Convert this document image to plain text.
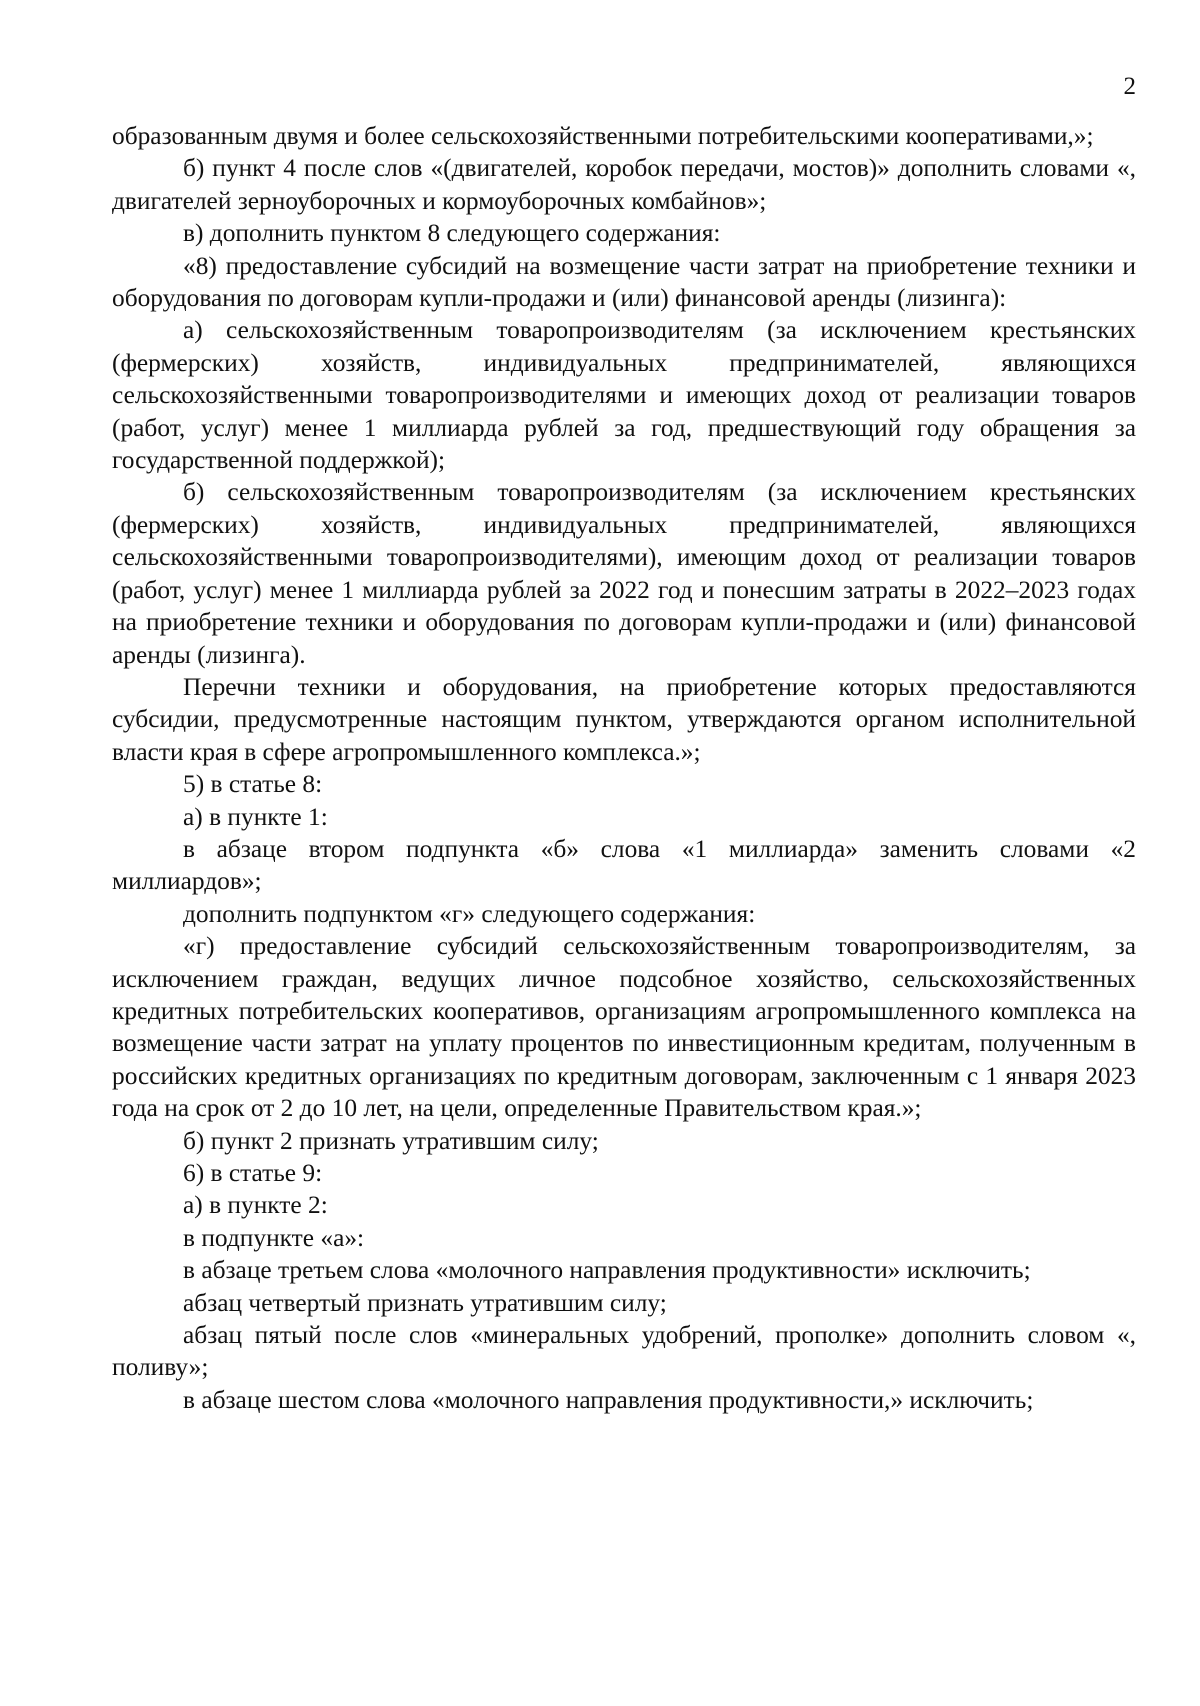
2

образованным двумя и более сельскохозяйственными потребительскими кооперативами,»;

б) пункт 4 после слов «(двигателей, коробок передачи, мостов)» дополнить словами «, двигателей зерноуборочных и кормоуборочных комбайнов»;

в) дополнить пунктом 8 следующего содержания:

«8) предоставление субсидий на возмещение части затрат на приобретение техники и оборудования по договорам купли-продажи и (или) финансовой аренды (лизинга):

а) сельскохозяйственным товаропроизводителям (за исключением крестьянских (фермерских) хозяйств, индивидуальных предпринимателей, являющихся сельскохозяйственными товаропроизводителями и имеющих доход от реализации товаров (работ, услуг) менее 1 миллиарда рублей за год, предшествующий году обращения за государственной поддержкой);

б) сельскохозяйственным товаропроизводителям (за исключением крестьянских (фермерских) хозяйств, индивидуальных предпринимателей, являющихся сельскохозяйственными товаропроизводителями), имеющим доход от реализации товаров (работ, услуг) менее 1 миллиарда рублей за 2022 год и понесшим затраты в 2022–2023 годах на приобретение техники и оборудования по договорам купли-продажи и (или) финансовой аренды (лизинга).

Перечни техники и оборудования, на приобретение которых предоставляются субсидии, предусмотренные настоящим пунктом, утверждаются органом исполнительной власти края в сфере агропромышленного комплекса.»;

5) в статье 8:

а) в пункте 1:

в абзаце втором подпункта «б» слова «1 миллиарда» заменить словами «2 миллиардов»;

дополнить подпунктом «г» следующего содержания:

«г) предоставление субсидий сельскохозяйственным товаропроизводителям, за исключением граждан, ведущих личное подсобное хозяйство, сельскохозяйственных кредитных потребительских кооперативов, организациям агропромышленного комплекса на возмещение части затрат на уплату процентов по инвестиционным кредитам, полученным в российских кредитных организациях по кредитным договорам, заключенным с 1 января 2023 года на срок от 2 до 10 лет, на цели, определенные Правительством края.»;

б) пункт 2 признать утратившим силу;

6) в статье 9:

а) в пункте 2:

в подпункте «а»:

в абзаце третьем слова «молочного направления продуктивности» исключить;

абзац четвертый признать утратившим силу;

абзац пятый после слов «минеральных удобрений, прополке» дополнить словом «, поливу»;

в абзаце шестом слова «молочного направления продуктивности,» исключить;
